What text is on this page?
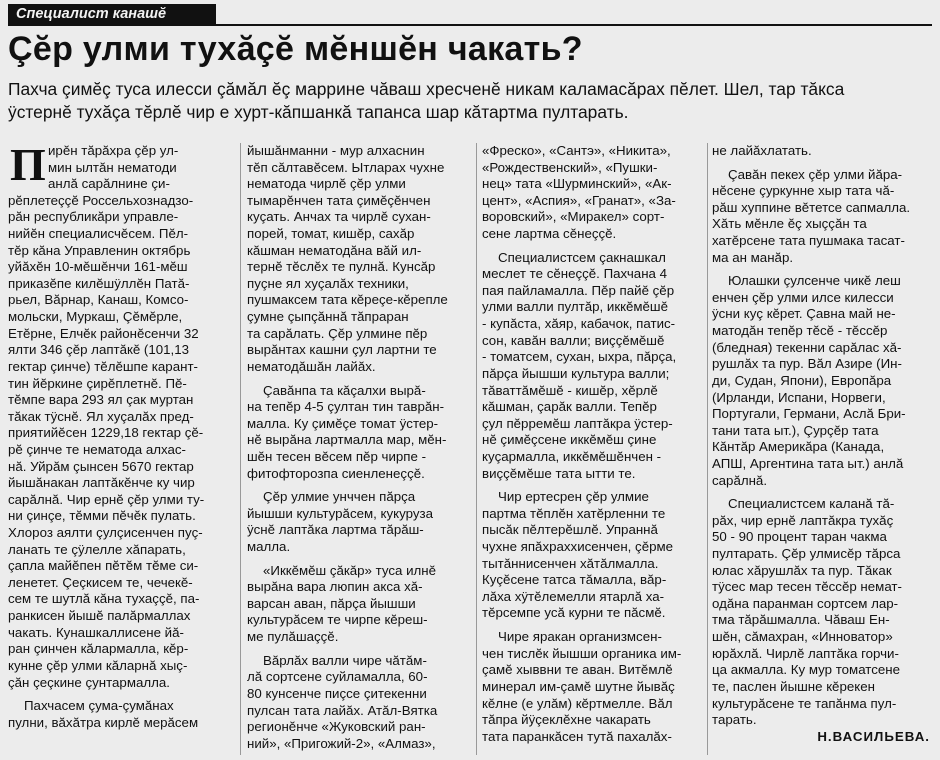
Специалист канашĕ
Çĕр улми тухăçĕ мĕншĕн чакать?
Пахча çимĕç туса илесси çăмăл ĕç маррине чăваш хресченĕ никам каламасăрах пĕлет. Шел, тар тăкса
ÿстернĕ тухăçа тĕрлĕ чир е хурт-кăпшанкă тапанса шар кăтартма пултарать.
П ирĕн тăрăхра çĕр ул-
мин ылтăн нематоди
анлă сарăлнине çи-
рĕплетеççĕ Россельхознадзо-
рăн республикăри управле-
нийĕн специалисчĕсем. Пĕл-
тĕр кăна Управленин октябрь
уйăхĕн 10-мĕшĕнчи 161-мĕш
приказĕпе килĕшÿллĕн Патă-
рьел, Вăрнар, Канаш, Комсо-
мольски, Муркаш, Çĕмĕрле,
Етĕрне, Елчĕк районĕсенчи 32
ялти 346 çĕр лаптăкĕ (101,13
гектар çинче) тĕлĕшпе карант-
тин йĕркине çирĕплетнĕ. Пĕ-
тĕмпе вара 293 ял çак муртан
тăкак тÿснĕ. Ял хуçалăх пред-
приятийĕсен 1229,18 гектар çĕ-
рĕ çинче те нематода алхас-
нă. Уйрăм çынсен 5670 гектар
йышăнакан лаптăкĕнче ку чир
сарăлнă. Чир ернĕ çĕр улми ту-
ни çинçе, тĕмми пĕчĕк пулать.
Хлороз аялти çулçисенчен пуç-
ланать те çÿлелле хăпарать,
çапла майĕпен пĕтĕм тĕме си-
ленетет. Çеçкисем те, чечекĕ-
сем те шутлă кăна тухаççĕ, па-
ранкисен йышĕ палăрмаллах
чакать. Кунашкаллисене йă-
ран çинчен кăлармалла, кĕр-
кунне çĕр улми кăларнă хыç-
çăн çеçкине çунтармалла.
Пахчасем çума-çумăнах
пулни, вăхăтра кирлĕ мерăсем
йышăнманни - мур алхаснин
тĕп сăлтавĕсем. Ытларах чухне
нематода чирлĕ çĕр улми
тымарĕнчен тата çимĕçĕнчен
куçать. Анчах та чирлĕ сухан-
порей, томат, кишĕр, сахăр
кăшман нематодăна вăй ил-
тернĕ тĕслĕх те пулнă. Кунсăр
пуçне ял хуçалăх техники,
пушмаксем тата кĕреçе-кĕрепле
çумне çыпçăннă тăпраран
та сарăлать. Çĕр улмине пĕр
вырăнтах кашни çул лартни те
нематодăшăн лайăх.
Çавăнпа та кăçалхи вырă-
на тепĕр 4-5 çултан тин таврăн-
малла. Ку çимĕçе томат ÿстер-
нĕ вырăна лартмалла мар, мĕн-
шĕн тесен вĕсем пĕр чирпе -
фитофторозпа сиенленеççĕ.
Çĕр улмие унччен пăрça
йышши культурăсем, кукуруза
ÿснĕ лаптăка лартма тăрăш-
малла.
«Иккĕмĕш çăкăр» туса илнĕ
вырăна вара люпин акса хă-
варсан аван, пăрçа йышши
культурăсем те чирпе кĕреш-
ме пулăшаççĕ.
Вăрлăх валли чире чăтăм-
лă сортсене суйламалла, 60-
80 кунсенче пиçсе çитекенни
пулсан тата лайăх. Атăл-Вятка
регионĕнче «Жуковский ран-
ний», «Пригожий-2», «Алмаз»,
«Фреско», «Сантэ», «Никита»,
«Рождественский», «Пушки-
нец» тата «Шурминский», «Ак-
цент», «Аспия», «Гранат», «За-
воровский», «Миракел» сорт-
сене лартма сĕнеççĕ.
Специалистсем çакнашкал
меслет те сĕнеççĕ. Пахчана 4
пая пайламалла. Пĕр пайĕ çĕр
улми валли пултăр, иккĕмĕшĕ
- купăста, хăяр, кабачок, патис-
сон, кавăн валли; виççĕмĕшĕ
- томатсем, сухан, ыхра, пăрçа,
пăрçа йышши культура валли;
тăваттăмĕшĕ - кишĕр, хĕрлĕ
кăшман, çарăк валли. Тепĕр
çул пĕрремĕш лаптăкра ÿстер-
нĕ çимĕçсене иккĕмĕш çине
куçармалла, иккĕмĕшĕнчен -
виççĕмĕше тата ытти те.
Чир ертесрен çĕр улмие
партма тĕплĕн хатĕрленни те
пысăк пĕлтерĕшлĕ. Упраннă
чухне япăхраххисенчен, çĕрме
тытăннисенчен хăтăлмалла.
Куçĕсене татса тăмалла, вăр-
лăха хÿтĕлемелли ятарлă ха-
тĕрсемпе усă курни те пăсмĕ.
Чире яракан организмсен-
чен тислĕк йышши органика им-
çамĕ хыввни те аван. Витĕмлĕ
минерал им-çамĕ шутне йывăç
кĕлне (е улăм) кĕртмелле. Вăл
тăпра йÿçеклĕхне чакарать
тата паранкăсен тутă пахалăх-
не лайăхлатать.
Çавăн пекех çĕр улми йăра-
нĕсене çуркунне хыр тата чă-
рăш хуппине вĕтетсе сапмалла.
Хăть мĕнле ĕç хыççăн та
хатĕрсене тата пушмака тасат-
ма ан манăр.
Юлашки çулсенче чикĕ леш
енчен çĕр улми илсе килесси
ÿсни куç кĕрет. Çавна май не-
матодăн тепĕр тĕсĕ - тĕссĕр
(бледная) текенни сарăлас хă-
рушлăх та пур. Вăл Азире (Ин-
ди, Судан, Япони), Европăра
(Ирланди, Испани, Норвеги,
Португали, Германи, Аслă Бри-
тани тата ыт.), Çурçĕр тата
Кăнтăр Америкăра (Канада,
АПШ, Аргентина тата ыт.) анлă
сарăлнă.
Специалистсем каланă тă-
рăх, чир ернĕ лаптăкра тухăç
50 - 90 процент таран чакма
пултарать. Çĕр улмисĕр тăрса
юлас хăрушлăх та пур. Тăкак
тÿсес мар тесен тĕссĕр немат-
одăна паранман сортсем лар-
тма тăрăшмалла. Чăваш Ен-
шĕн, сăмахран, «Инноватор»
юрăхлă. Чирлĕ лаптăка горчи-
ца акмалла. Ку мур томатсене
те, паслен йышне кĕрекен
культурăсене те тапăнма пул-
тарать.
Н.ВАСИЛЬЕВА.
